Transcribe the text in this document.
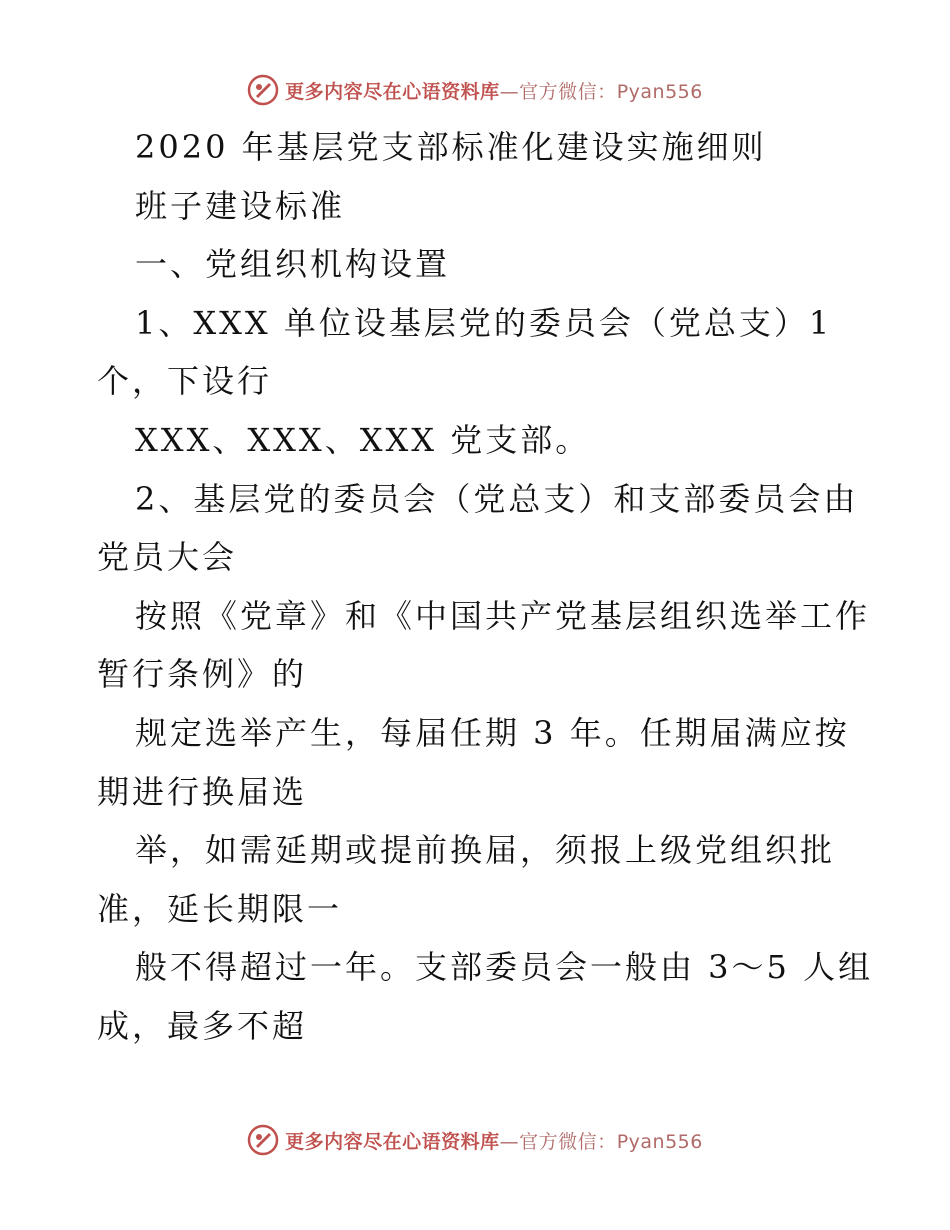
更多内容尽在心语资料库—官方微信：Pyan556
2020 年基层党支部标准化建设实施细则
班子建设标准
一、党组织机构设置
1、XXX 单位设基层党的委员会（党总支）1
个，下设行
XXX、XXX、XXX 党支部。
2、基层党的委员会（党总支）和支部委员会由
党员大会
按照《党章》和《中国共产党基层组织选举工作
暂行条例》的
规定选举产生，每届任期 3 年。任期届满应按
期进行换届选
举，如需延期或提前换届，须报上级党组织批
准，延长期限一
般不得超过一年。支部委员会一般由 3～5 人组
成，最多不超
更多内容尽在心语资料库—官方微信：Pyan556
